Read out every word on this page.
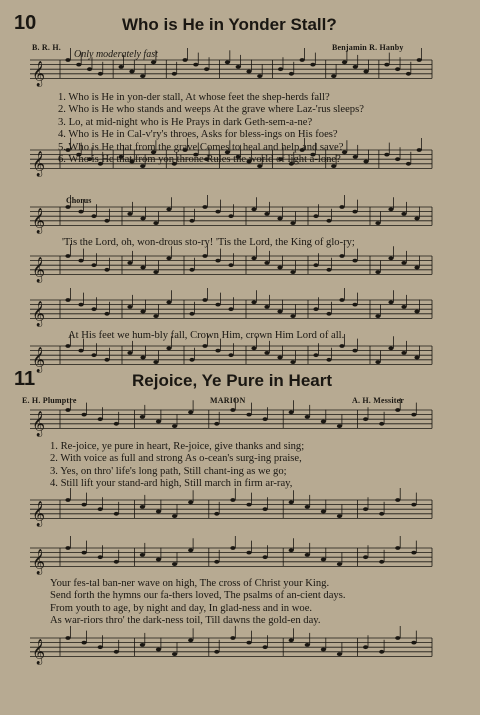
𝄞
𝄞
𝄞
𝄞
𝄞
𝄞
𝄞
𝄞
𝄞
𝄞
10	Who is He in Yonder Stall?
B. R. H.	Benjamin R. Hanby
Only moderately fast
1. Who is He in yon-der stall, At whose feet the shep-herds fall?
2. Who is He who stands and weeps At the grave where Laz-'rus sleeps?
3. Lo, at mid-night who is He Prays in dark Geth-sem-a-ne?
4. Who is He in Cal-v'ry's throes, Asks for bless-ings on His foes?
5. Who is He that from the grave Comes to heal and help and save?
6. Who is He that from yon throne Rules the world of light a-lone?
Chorus
'Tis the Lord, oh, won-drous sto-ry! 'Tis the Lord, the King of glo-ry;
At His feet we hum-bly fall, Crown Him, crown Him Lord of all.
11	Rejoice, Ye Pure in Heart
E. H. Plumptre	MARION	A. H. Messiter
1. Re-joice, ye pure in heart, Re-joice, give thanks and sing;
2. With voice as full and strong As o-cean's surg-ing praise,
3. Yes, on thro' life's long path, Still chant-ing as we go;
4. Still lift your stand-ard high, Still march in firm ar-ray,
Your fes-tal ban-ner wave on high, The cross of Christ your King.
Send forth the hymns our fa-thers loved, The psalms of an-cient days.
From youth to age, by night and day, In glad-ness and in woe.
As war-riors thro' the dark-ness toil, Till dawns the gold-en day.
